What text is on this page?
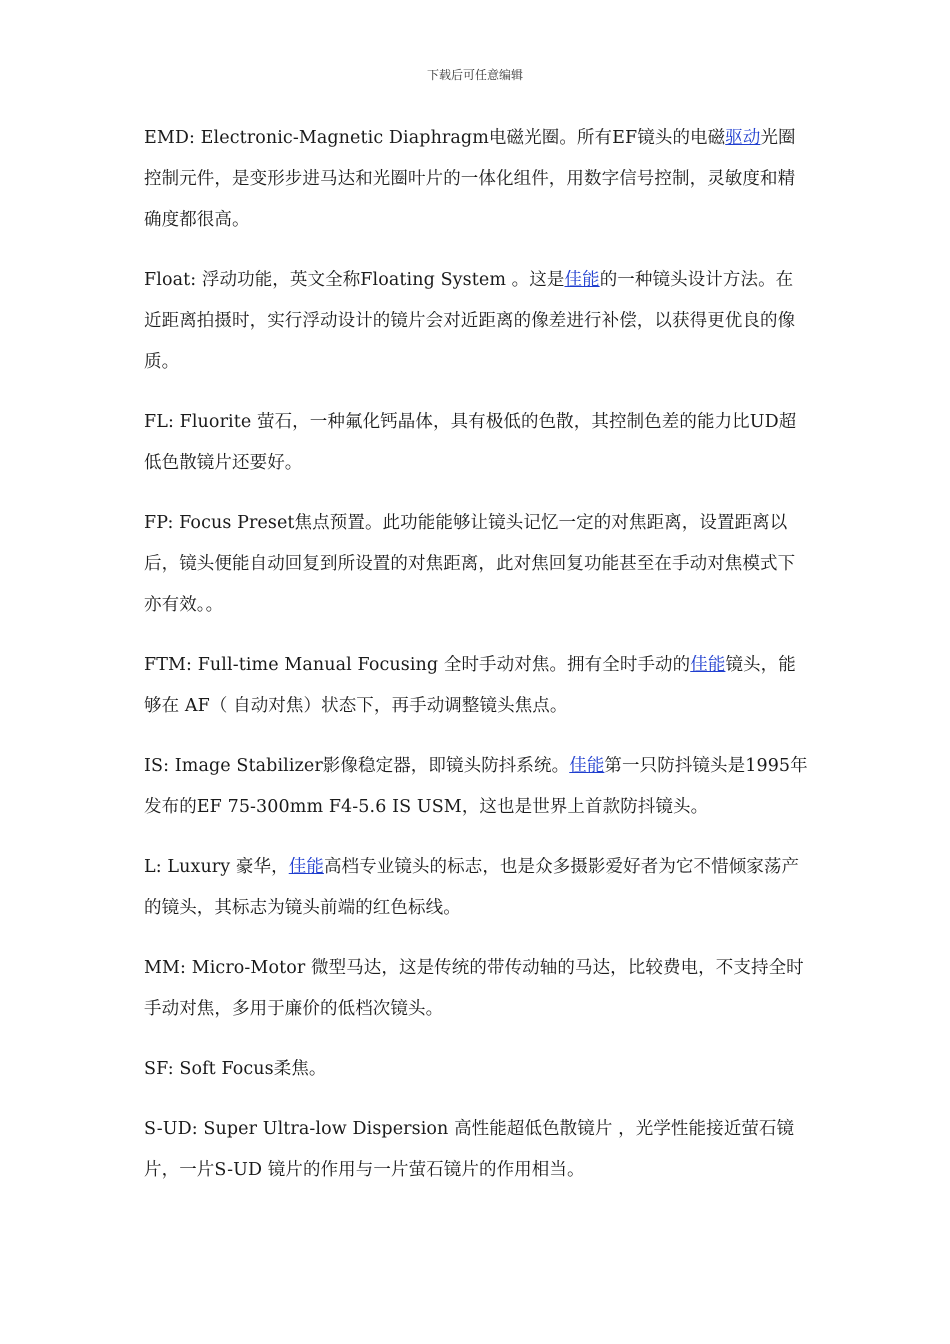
下载后可任意编辑

EMD: Electronic-Magnetic Diaphragm电磁光圈。所有EF镜头的电磁驱动光圈控制元件，是变形步进马达和光圈叶片的一体化组件，用数字信号控制，灵敏度和精确度都很高。

Float: 浮动功能，英文全称Floating System 。这是佳能的一种镜头设计方法。在近距离拍摄时，实行浮动设计的镜片会对近距离的像差进行补偿，以获得更优良的像质。

FL: Fluorite 萤石，一种氟化钙晶体，具有极低的色散，其控制色差的能力比UD超低色散镜片还要好。

FP: Focus Preset焦点预置。此功能能够让镜头记忆一定的对焦距离，设置距离以后，镜头便能自动回复到所设置的对焦距离，此对焦回复功能甚至在手动对焦模式下亦有效。。

FTM: Full-time Manual Focusing 全时手动对焦。拥有全时手动的佳能镜头，能够在 AF（ 自动对焦）状态下，再手动调整镜头焦点。

IS: Image Stabilizer影像稳定器，即镜头防抖系统。佳能第一只防抖镜头是1995年发布的EF 75-300mm F4-5.6 IS USM，这也是世界上首款防抖镜头。

L: Luxury 豪华，佳能高档专业镜头的标志，也是众多摄影爱好者为它不惜倾家荡产的镜头，其标志为镜头前端的红色标线。

MM: Micro-Motor 微型马达，这是传统的带传动轴的马达，比较费电，不支持全时手动对焦，多用于廉价的低档次镜头。

SF: Soft Focus柔焦。

S-UD: Super Ultra-low Dispersion 高性能超低色散镜片 ，光学性能接近萤石镜片，一片S-UD 镜片的作用与一片萤石镜片的作用相当。
